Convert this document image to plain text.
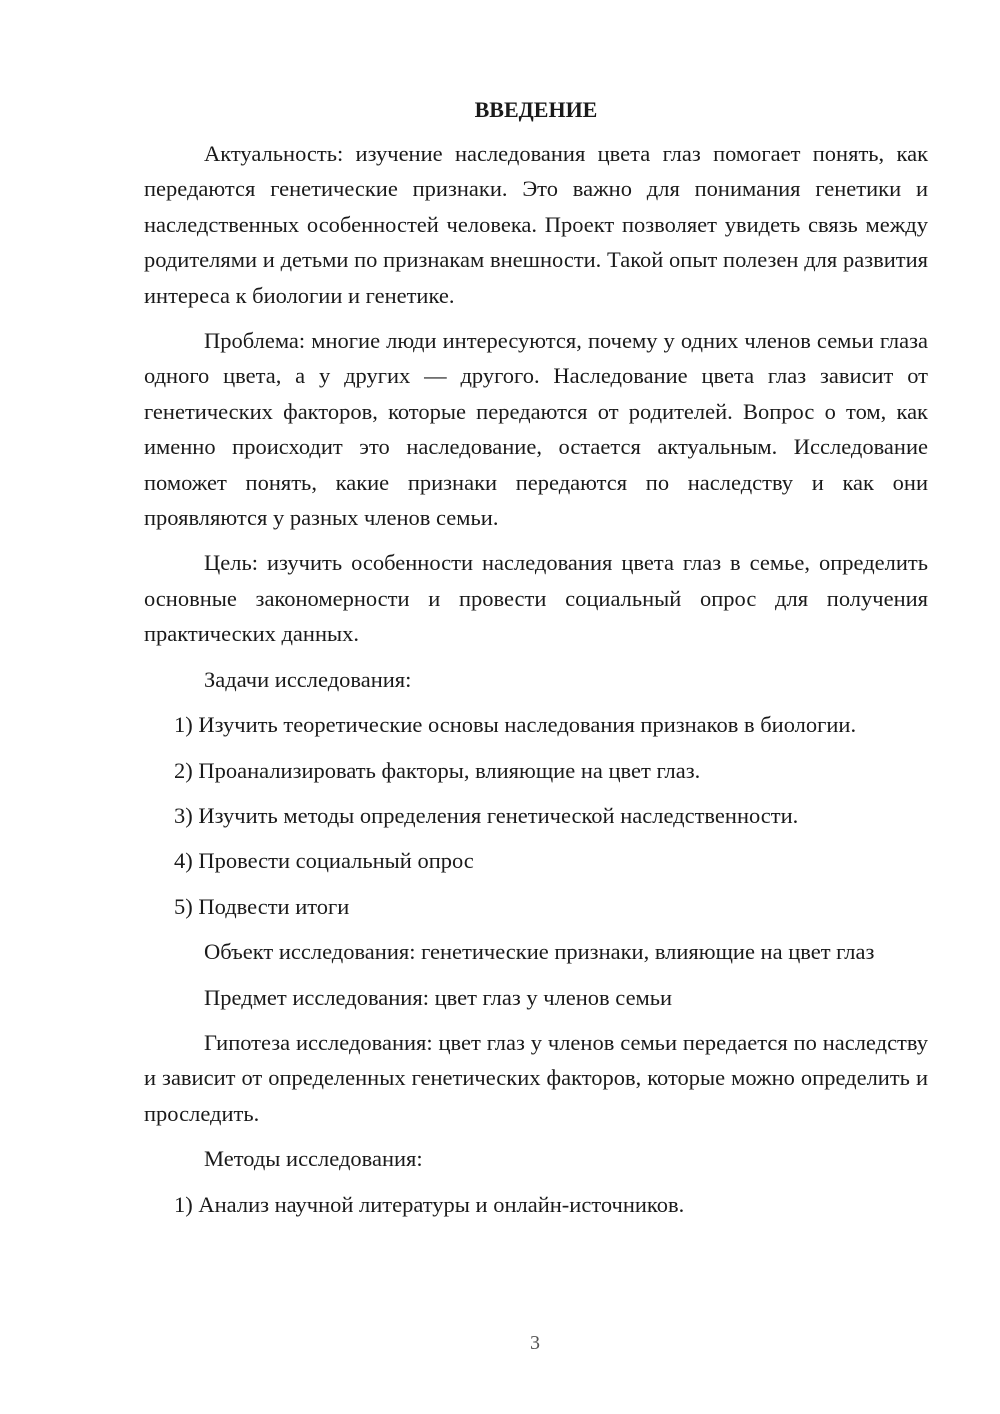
ВВЕДЕНИЕ

Актуальность: изучение наследования цвета глаз помогает понять, как передаются генетические признаки. Это важно для понимания генетики и наследственных особенностей человека. Проект позволяет увидеть связь между родителями и детьми по признакам внешности. Такой опыт полезен для развития интереса к биологии и генетике.

Проблема: многие люди интересуются, почему у одних членов семьи глаза одного цвета, а у других — другого. Наследование цвета глаз зависит от генетических факторов, которые передаются от родителей. Вопрос о том, как именно происходит это наследование, остается актуальным. Исследование поможет понять, какие признаки передаются по наследству и как они проявляются у разных членов семьи.

Цель: изучить особенности наследования цвета глаз в семье, определить основные закономерности и провести социальный опрос для получения практических данных.

Задачи исследования:

1) Изучить теоретические основы наследования признаков в биологии.

2) Проанализировать факторы, влияющие на цвет глаз.

3) Изучить методы определения генетической наследственности.

4) Провести социальный опрос

5) Подвести итоги

Объект исследования: генетические признаки, влияющие на цвет глаз

Предмет исследования: цвет глаз у членов семьи

Гипотеза исследования: цвет глаз у членов семьи передается по наследству и зависит от определенных генетических факторов, которые можно определить и проследить.

Методы исследования:

1) Анализ научной литературы и онлайн-источников.

3
